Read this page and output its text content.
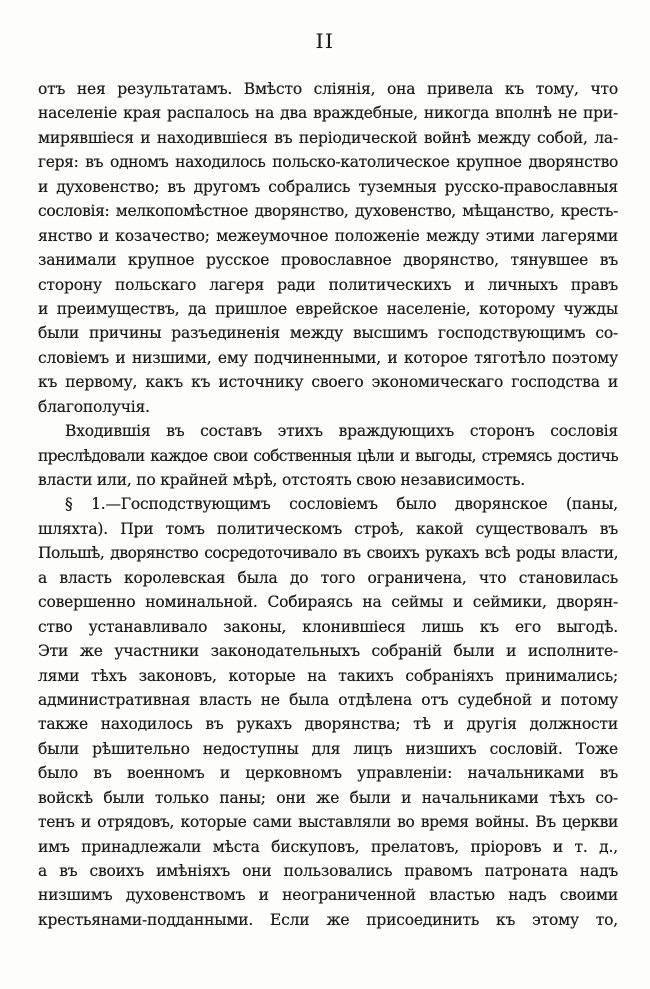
II
отъ нея результатамъ. Вмѣсто сліянія, она привела къ тому, что
населеніе края распалось на два враждебные, никогда вполнѣ не при-
мирявшіеся и находившіеся въ періодической войнѣ между собой, ла-
геря: въ одномъ находилось польско-католическое крупное дворянство
и духовенство; въ другомъ собрались туземныя русско-православныя
сословія: мелкопомѣстное дворянство, духовенство, мѣщанство, кресть-
янство и козачество; межеумочное положеніе между этими лагерями
занимали крупное русское провославное дворянство, тянувшее въ
сторону польскаго лагеря ради политическихъ и личныхъ правъ
и преимуществъ, да пришлое еврейское населеніе, которому чужды
были причины разъединенія между высшимъ господствующимъ со-
словіемъ и низшими, ему подчиненными, и которое тяготѣло поэтому
къ первому, какъ къ источнику своего экономическаго господства и
благополучія.
Входившія въ составъ этихъ враждующихъ сторонъ сословія
преслѣдовали каждое свои собственныя цѣли и выгоды, стремясь достичь
власти или, по крайней мѣрѣ, отстоять свою независимость.
§ 1.—Господствующимъ сословіемъ было дворянское (паны,
шляхта). При томъ политическомъ строѣ, какой существовалъ въ
Польшѣ, дворянство сосредоточивало въ своихъ рукахъ всѣ роды власти,
а власть королевская была до того ограничена, что становилась
совершенно номинальной. Собираясь на сеймы и сеймики, дворян-
ство устанавливало законы, клонившіеся лишь къ его выгодѣ.
Эти же участники законодательныхъ собраній были и исполните-
лями тѣхъ законовъ, которые на такихъ собраніяхъ принимались;
административная власть не была отдѣлена отъ судебной и потому
также находилось въ рукахъ дворянства; тѣ и другія должности
были рѣшительно недоступны для лицъ низшихъ сословій. Тоже
было въ военномъ и церковномъ управленіи: начальниками въ
войскѣ были только паны; они же были и начальниками тѣхъ со-
тенъ и отрядовъ, которые сами выставляли во время войны. Въ церкви
имъ принадлежали мѣста бискуповъ, прелатовъ, пріоровъ и т. д.,
а въ своихъ имѣніяхъ они пользовались правомъ патроната надъ
низшимъ духовенствомъ и неограниченной властью надъ своими
крестьянами-подданными. Если же присоединить къ этому то,
